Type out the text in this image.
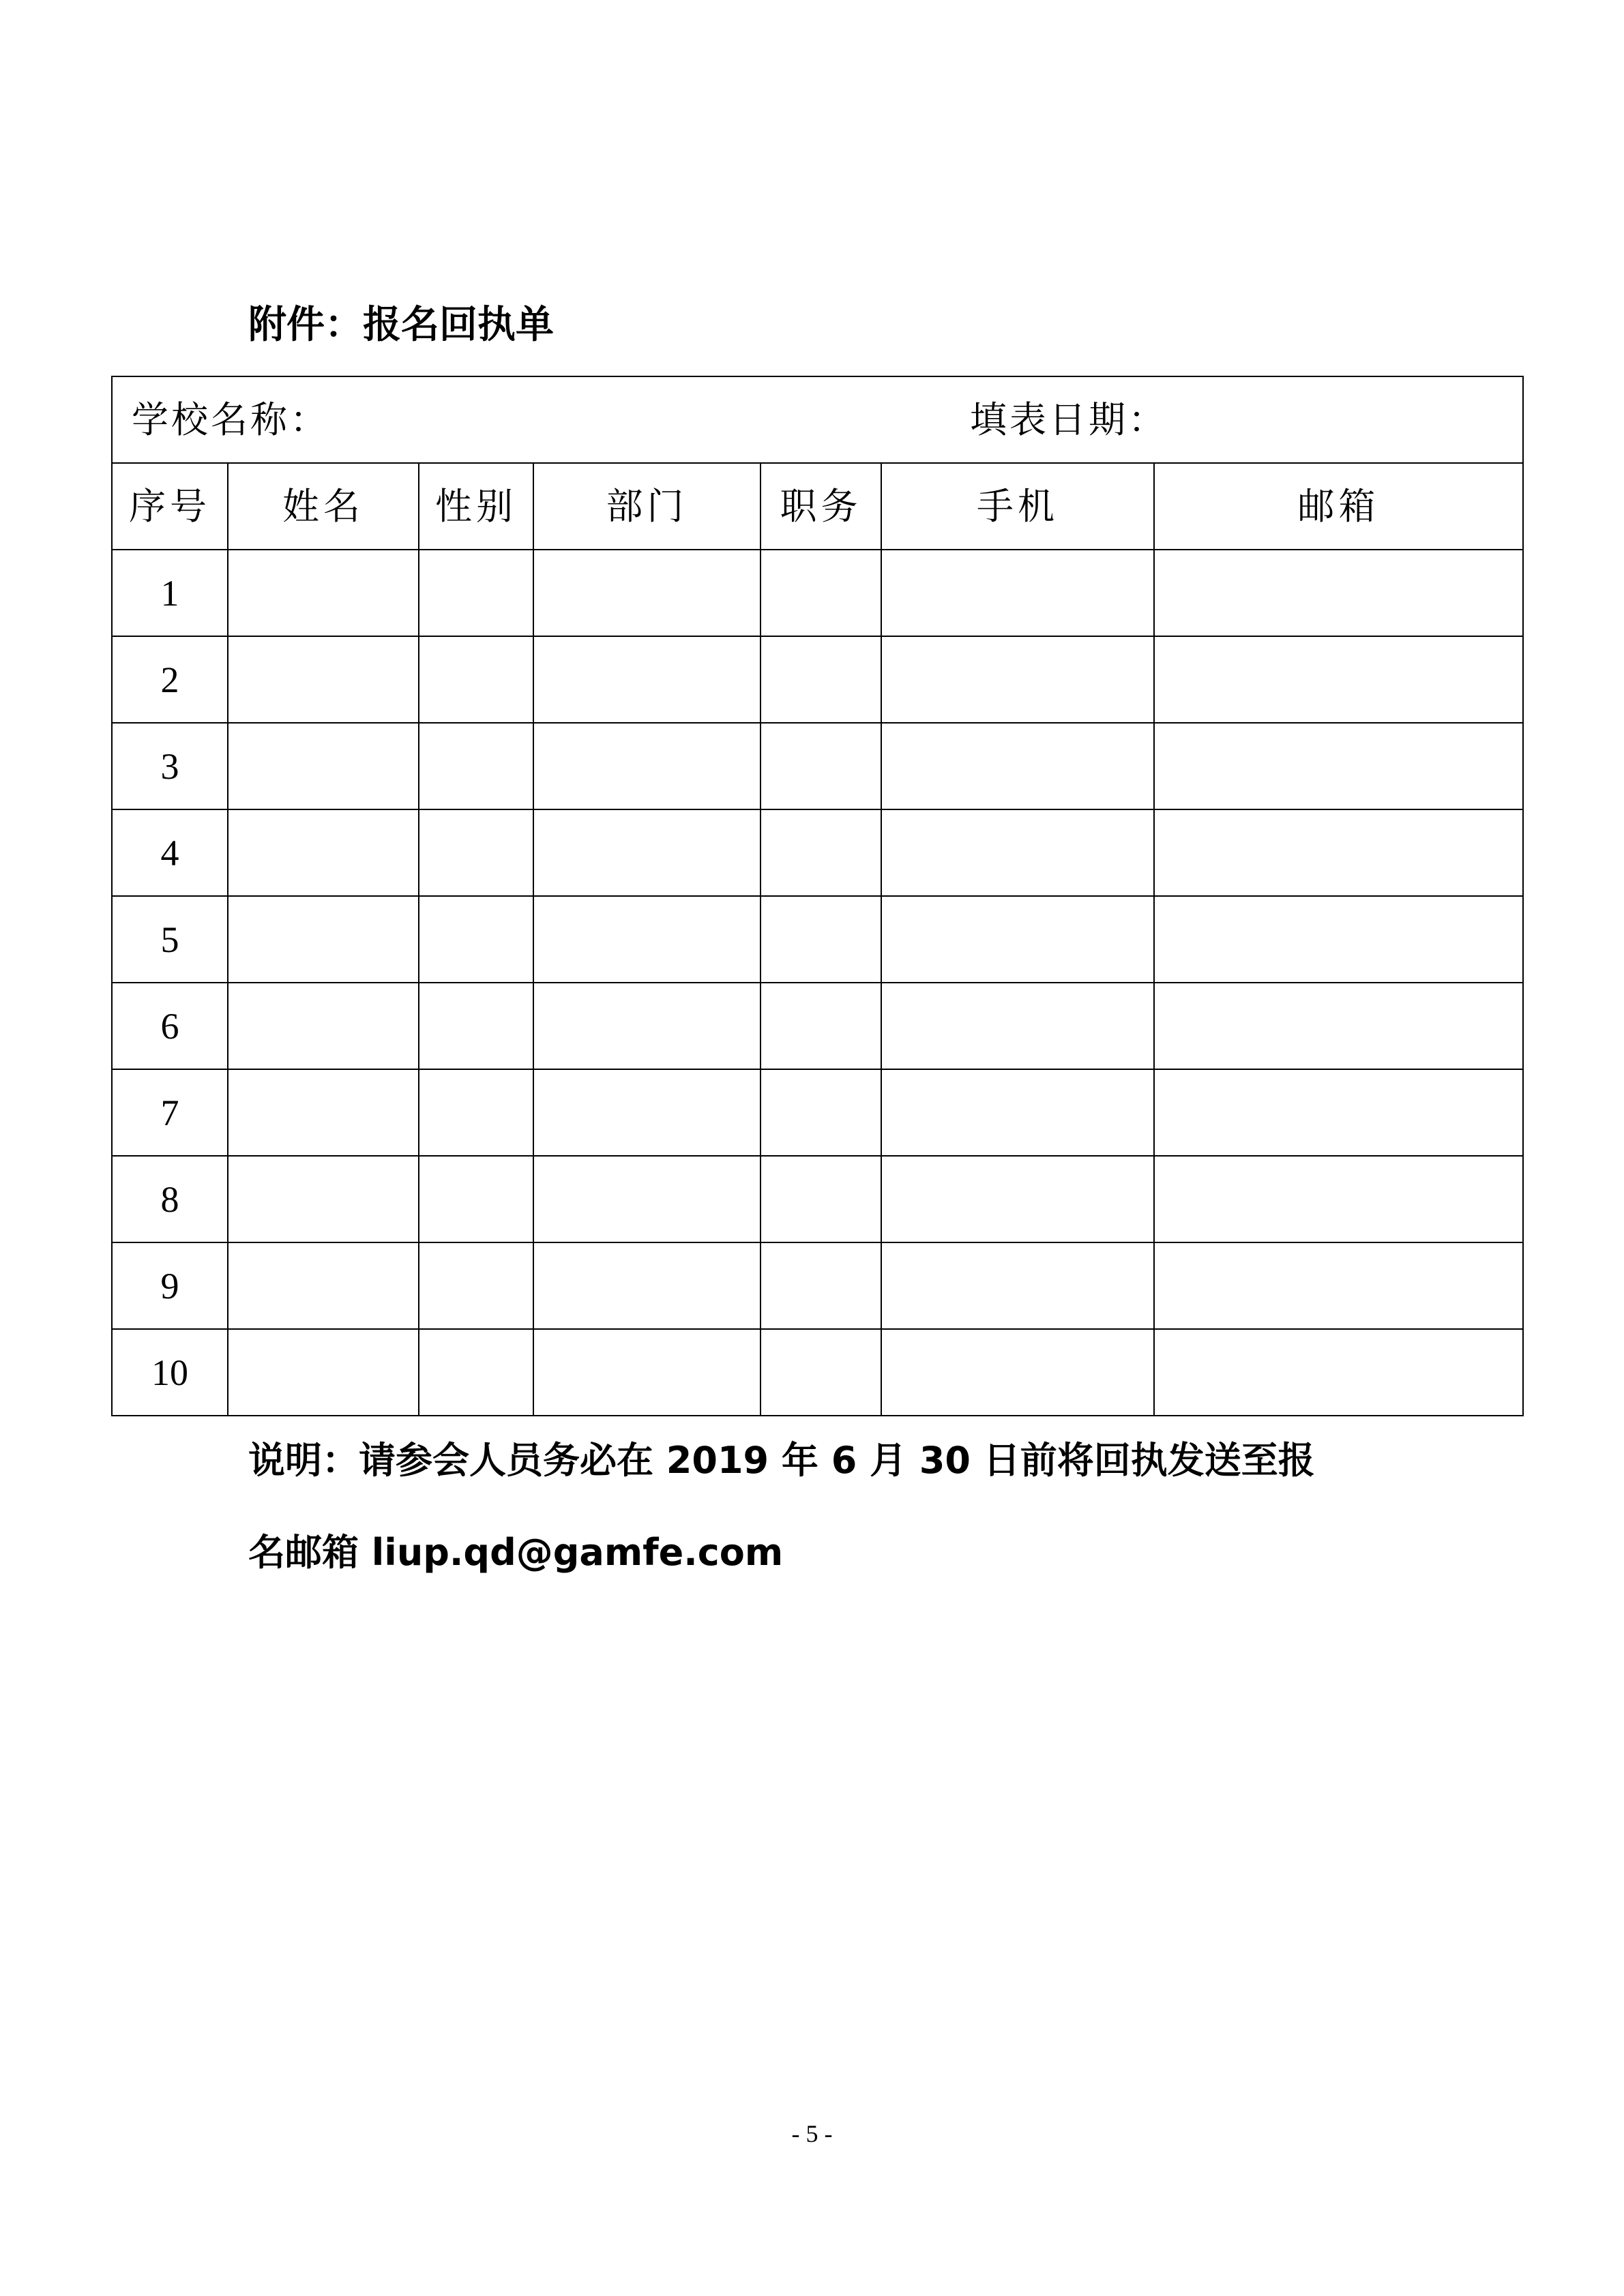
附件：报名回执单
学校名称： 填表日期：						

序号	姓名	性别	部门	职务	手机	邮箱
1						
2						
3						
4						
5						
6						
7						
8						
9						
10						
说明：请参会人员务必在 2019 年 6 月 30 日前将回执发送至报
名邮箱 liup.qd@gamfe.com
- 5 -
